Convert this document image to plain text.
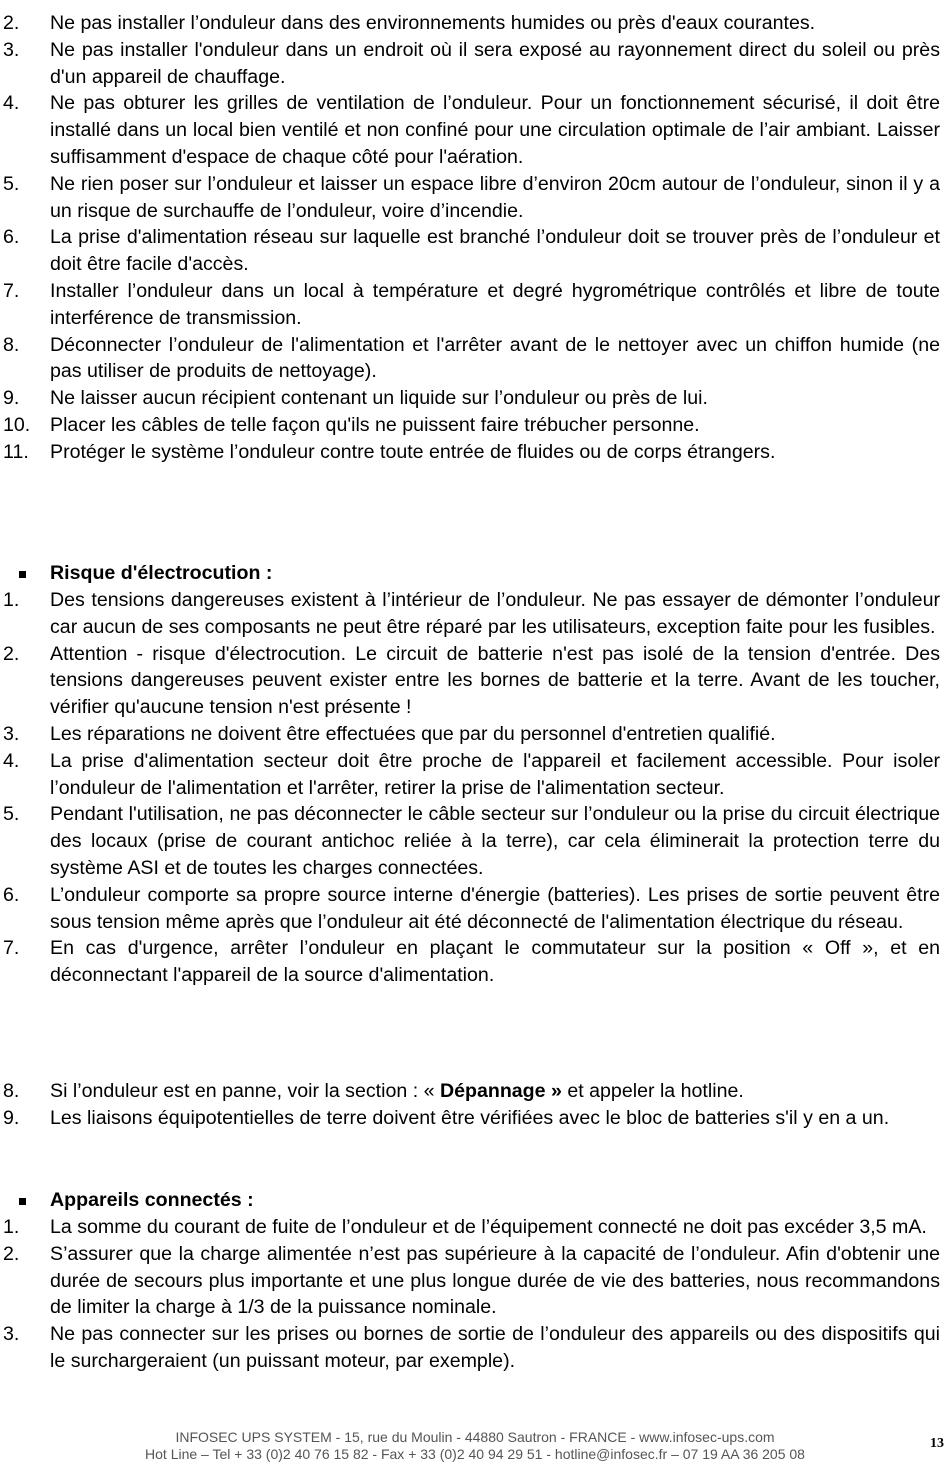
2. Ne pas installer l’onduleur dans des environnements humides ou près d'eaux courantes.
3. Ne pas installer l'onduleur dans un endroit où il sera exposé au rayonnement direct du soleil ou près d'un appareil de chauffage.
4. Ne pas obturer les grilles de ventilation de l’onduleur. Pour un fonctionnement sécurisé, il doit être installé dans un local bien ventilé et non confiné pour une circulation optimale de l’air ambiant. Laisser suffisamment d'espace de chaque côté pour l'aération.
5. Ne rien poser sur l’onduleur et laisser un espace libre d’environ 20cm autour de l’onduleur, sinon il y a un risque de surchauffe de l’onduleur, voire d’incendie.
6. La prise d'alimentation réseau sur laquelle est branché l’onduleur doit se trouver près de l’onduleur et doit être facile d'accès.
7. Installer l’onduleur dans un local à température et degré hygrométrique contrôlés et libre de toute interférence de transmission.
8. Déconnecter l’onduleur de l'alimentation et l'arrêter avant de le nettoyer avec un chiffon humide (ne pas utiliser de produits de nettoyage).
9. Ne laisser aucun récipient contenant un liquide sur l’onduleur ou près de lui.
10. Placer les câbles de telle façon qu'ils ne puissent faire trébucher personne.
11. Protéger le système l’onduleur contre toute entrée de fluides ou de corps étrangers.
Risque d'électrocution :
1. Des tensions dangereuses existent à l’intérieur de l’onduleur. Ne pas essayer de démonter l’onduleur car aucun de ses composants ne peut être réparé par les utilisateurs, exception faite pour les fusibles.
2. Attention - risque d'électrocution. Le circuit de batterie n'est pas isolé de la tension d'entrée. Des tensions dangereuses peuvent exister entre les bornes de batterie et la terre. Avant de les toucher, vérifier qu'aucune tension n'est présente !
3. Les réparations ne doivent être effectuées que par du personnel d'entretien qualifié.
4. La prise d'alimentation secteur doit être proche de l'appareil et facilement accessible. Pour isoler l’onduleur de l'alimentation et l'arrêter, retirer la prise de l'alimentation secteur.
5. Pendant l'utilisation, ne pas déconnecter le câble secteur sur l’onduleur ou la prise du circuit électrique des locaux (prise de courant antichoc reliée à la terre), car cela éliminerait la protection terre du système ASI et de toutes les charges connectées.
6. L’onduleur comporte sa propre source interne d'énergie (batteries). Les prises de sortie peuvent être sous tension même après que l’onduleur ait été déconnecté de l'alimentation électrique du réseau.
7. En cas d'urgence, arrêter l’onduleur en plaçant le commutateur sur la position « Off », et en déconnectant l'appareil de la source d'alimentation.
8. Si l’onduleur est en panne, voir la section : « Dépannage » et appeler la hotline.
9. Les liaisons équipotentielles de terre doivent être vérifiées avec le bloc de batteries s'il y en a un.
Appareils connectés :
1. La somme du courant de fuite de l’onduleur et de l’équipement connecté ne doit pas excéder 3,5 mA.
2. S’assurer que la charge alimentée n’est pas supérieure à la capacité de l’onduleur. Afin d'obtenir une durée de secours plus importante et une plus longue durée de vie des batteries, nous recommandons de limiter la charge à 1/3 de la puissance nominale.
3. Ne pas connecter sur les prises ou bornes de sortie de l’onduleur des appareils ou des dispositifs qui le surchargeraient (un puissant moteur, par exemple).
INFOSEC UPS SYSTEM - 15, rue du Moulin - 44880 Sautron - FRANCE - www.infosec-ups.com
Hot Line – Tel + 33 (0)2 40 76 15 82 - Fax + 33 (0)2 40 94 29 51 - hotline@infosec.fr – 07 19 AA 36 205 08
13
